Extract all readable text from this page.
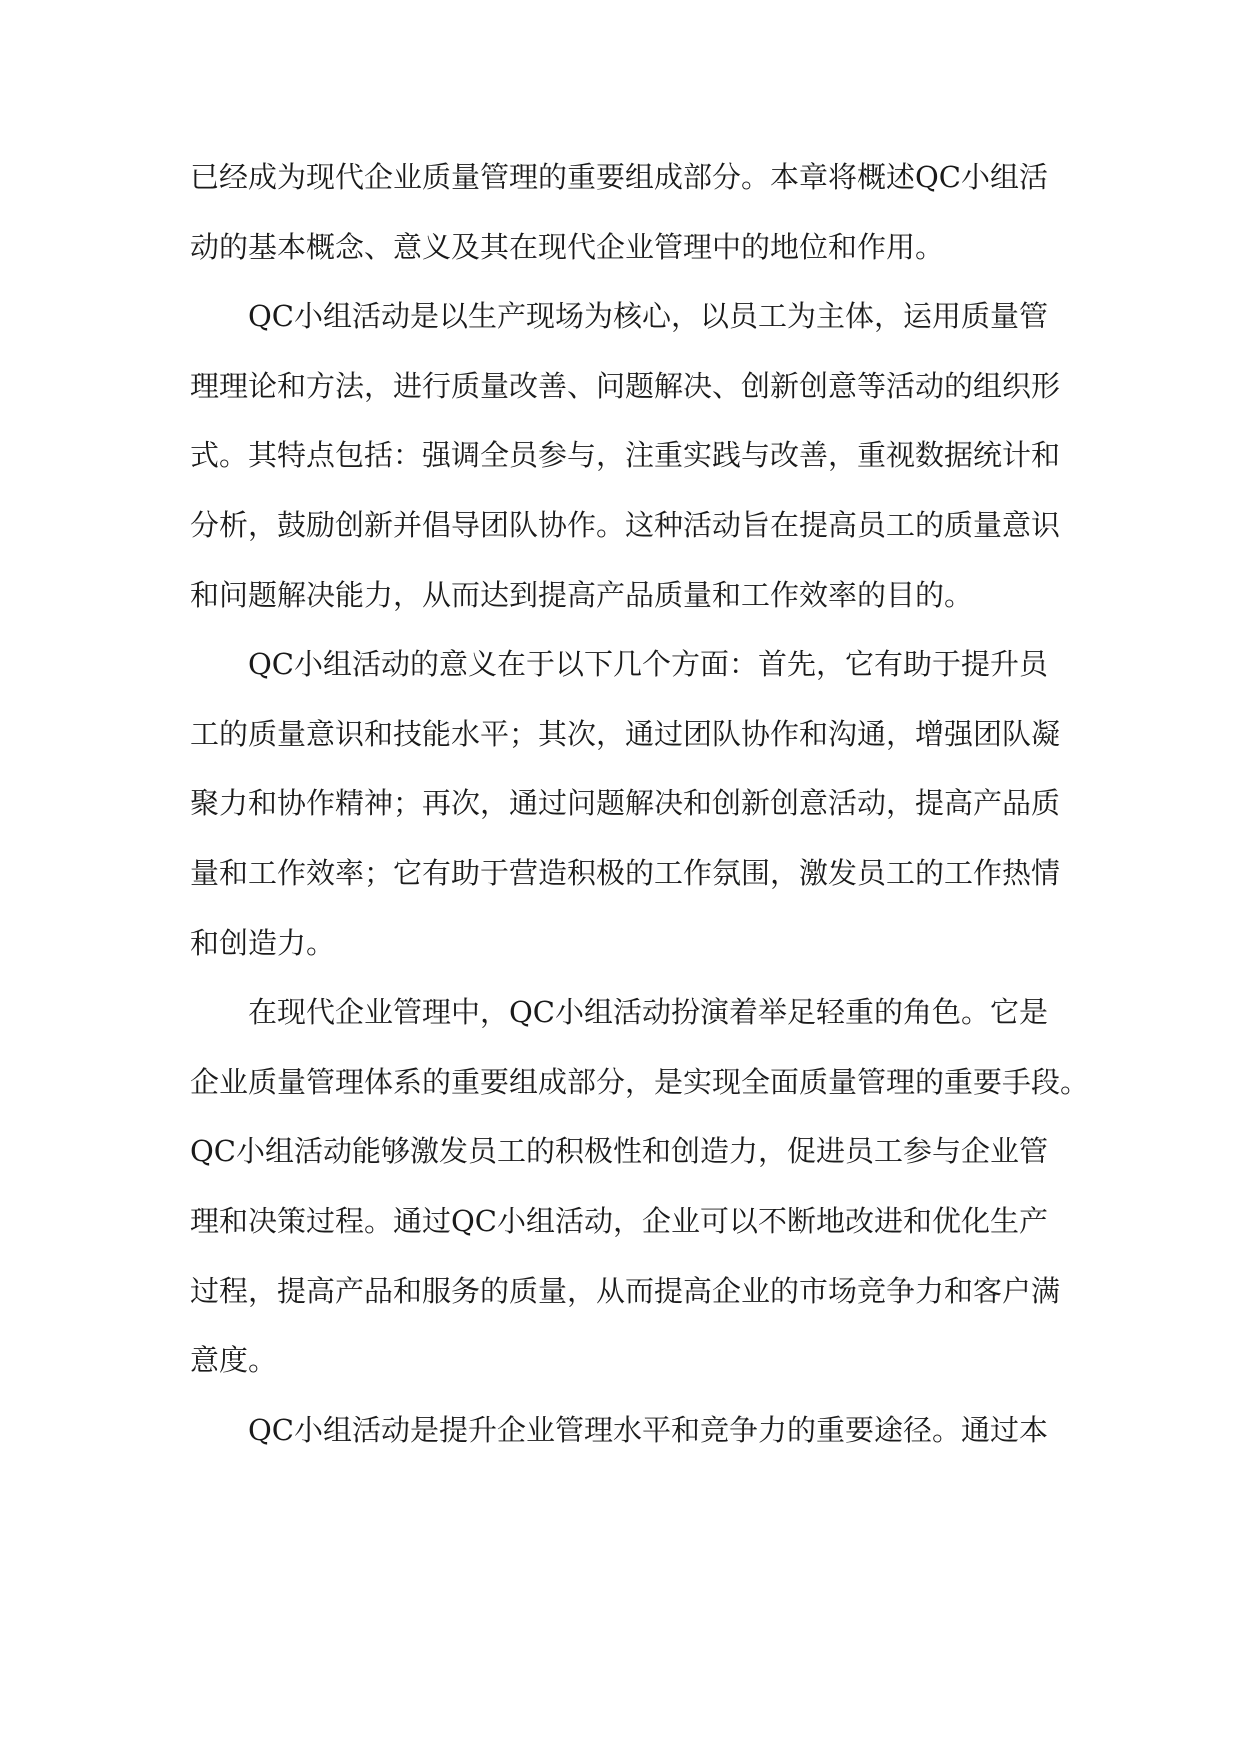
已经成为现代企业质量管理的重要组成部分。本章将概述QC小组活
动的基本概念、意义及其在现代企业管理中的地位和作用。
QC小组活动是以生产现场为核心，以员工为主体，运用质量管
理理论和方法，进行质量改善、问题解决、创新创意等活动的组织形
式。其特点包括：强调全员参与，注重实践与改善，重视数据统计和
分析，鼓励创新并倡导团队协作。这种活动旨在提高员工的质量意识
和问题解决能力，从而达到提高产品质量和工作效率的目的。
QC小组活动的意义在于以下几个方面：首先，它有助于提升员
工的质量意识和技能水平；其次，通过团队协作和沟通，增强团队凝
聚力和协作精神；再次，通过问题解决和创新创意活动，提高产品质
量和工作效率；它有助于营造积极的工作氛围，激发员工的工作热情
和创造力。
在现代企业管理中，QC小组活动扮演着举足轻重的角色。它是
企业质量管理体系的重要组成部分，是实现全面质量管理的重要手段。
QC小组活动能够激发员工的积极性和创造力，促进员工参与企业管
理和决策过程。通过QC小组活动，企业可以不断地改进和优化生产
过程，提高产品和服务的质量，从而提高企业的市场竞争力和客户满
意度。
QC小组活动是提升企业管理水平和竞争力的重要途径。通过本
